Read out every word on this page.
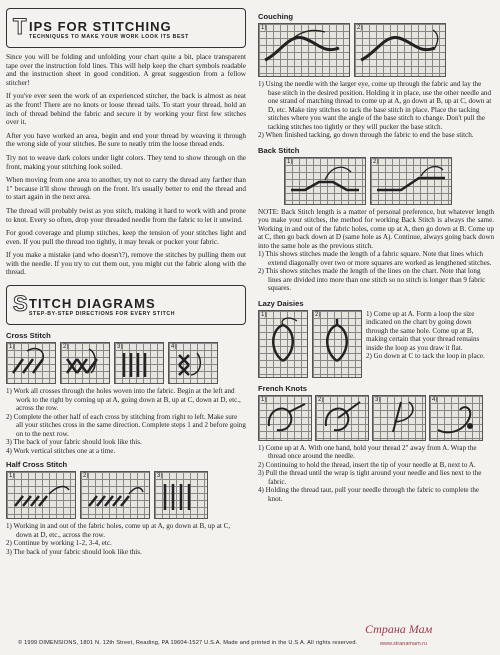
T IPS FOR STITCHING
TECHNIQUES TO MAKE YOUR WORK LOOK ITS BEST

Since you will be folding and unfolding your chart quite a bit, place transparent tape over the instruction fold lines. This will help keep the chart symbols readable and the instruction sheet in good condition. A great suggestion from a fellow stitcher!

If you've ever seen the work of an experienced stitcher, the back is almost as neat as the front! There are no knots or loose thread tails. To start your thread, hold an inch of thread behind the fabric and secure it by working your first few stitches over it.

After you have worked an area, begin and end your thread by weaving it through the wrong side of your stitches. Be sure to neatly trim the loose thread ends.

Try not to weave dark colors under light colors. They tend to show through on the front, making your stitching look soiled.

When moving from one area to another, try not to carry the thread any farther than 1" because it'll show through on the front. It's usually better to end the thread and to start again in the next area.

The thread will probably twist as you stitch, making it hard to work with and prone to knot. Every so often, drop your threaded needle from the fabric to let it unwind.

For good coverage and plump stitches, keep the tension of your stitches light and even. If you pull the thread too tightly, it may break or pucker your fabric.

If you make a mistake (and who doesn't?), remove the stitches by pulling them out with the needle. If you try to cut them out, you might cut the fabric along with the thread.

S TITCH DIAGRAMS
STEP-BY-STEP DIRECTIONS FOR EVERY STITCH
Cross Stitch
1)	2)	3)	4)

1) Work all crosses through the holes woven into the fabric. Begin at the left and work to the right by coming up at A, going down at B, up at C, down at D, etc., across the row.

2) Complete the other half of each cross by stitching from right to left. Make sure all your stitches cross in the same direction. Complete steps 1 and 2 before going on to the next row.

3) The back of your fabric should look like this.

4) Work vertical stitches one at a time.

Half Cross Stitch
1)	2)	3)

1) Working in and out of the fabric holes, come up at A, go down at B, up at C, down at D, etc., across the row.

2) Continue by working 1-2, 3-4, etc.

3) The back of your fabric should look like this.

Couching
1)	2)

1) Using the needle with the larger eye, come up through the fabric and lay the base stitch in the desired position. Holding it in place, use the other needle and one strand of matching thread to come up at A, go down at B, up at C, down at D, etc. Make tiny stitches to tack the base stitch in place. Place the tacking stitches where you want the angle of the base stitch to change. Don't pull the tacking stitches too tightly or they will pucker the base stitch.

2) When finished tacking, go down through the fabric to end the base stitch.

Back Stitch
1)	2)

NOTE: Back Stitch length is a matter of personal preference, but whatever length you make your stitches, the method for working Back Stitch is always the same. Working in and out of the fabric holes, come up at A, then go down at B. Come up at C, then go back down at D (same hole as A). Continue, always going back down into the same hole as the previous stitch.

1) This shows stitches made the length of a fabric square. Note that lines which extend diagonally over two or more squares are worked as lengthened stitches.

2) This shows stitches made the length of the lines on the chart. Note that long lines are divided into more than one stitch so no stitch is longer than 9 fabric squares.

Lazy Daisies
1)	2)	1) Come up at A. Form a loop the size indicated on the chart by going down through the same hole. Come up at B, making certain that your thread remains inside the loop as you draw it flat.

2) Go down at C to tack the loop in place.

French Knots
1)	2)	3)	4)

1) Come up at A. With one hand, hold your thread 2" away from A. Wrap the thread once around the needle.

2) Continuing to hold the thread, insert the tip of your needle at B, next to A.

3) Pull the thread until the wrap is tight around your needle and lies next to the fabric.

4) Holding the thread taut, pull your needle through the fabric to complete the knot.

© 1999 DIMENSIONS, 1801 N. 12th Street, Reading, PA 19604-1527 U.S.A. Made and printed in the U.S.A. All rights reserved.
Страна Мам
www.stranamam.ru
